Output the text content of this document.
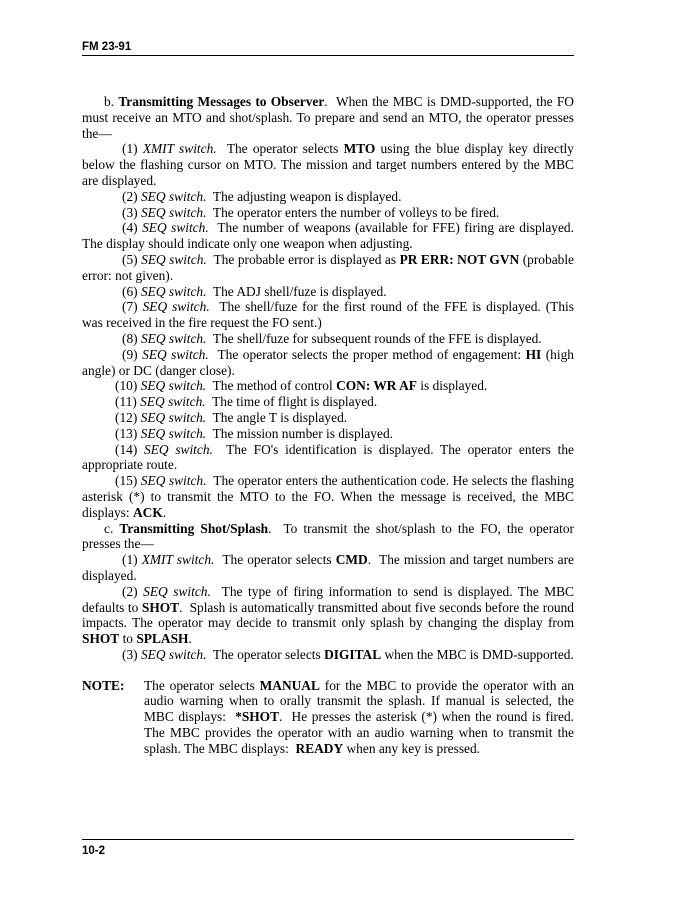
FM 23-91

b. Transmitting Messages to Observer.  When the MBC is DMD-supported, the FO must receive an MTO and shot/splash. To prepare and send an MTO, the operator presses the—

(1) XMIT switch. The operator selects MTO using the blue display key directly below the flashing cursor on MTO. The mission and target numbers entered by the MBC are displayed.

(2) SEQ switch. The adjusting weapon is displayed.

(3) SEQ switch. The operator enters the number of volleys to be fired.

(4) SEQ switch. The number of weapons (available for FFE) firing are displayed. The display should indicate only one weapon when adjusting.

(5) SEQ switch. The probable error is displayed as PR ERR: NOT GVN (probable error: not given).

(6) SEQ switch. The ADJ shell/fuze is displayed.

(7) SEQ switch. The shell/fuze for the first round of the FFE is displayed. (This was received in the fire request the FO sent.)

(8) SEQ switch. The shell/fuze for subsequent rounds of the FFE is displayed.

(9) SEQ switch. The operator selects the proper method of engagement: HI (high angle) or DC (danger close).

(10) SEQ switch. The method of control CON: WR AF is displayed.

(11) SEQ switch. The time of flight is displayed.

(12) SEQ switch. The angle T is displayed.

(13) SEQ switch. The mission number is displayed.

(14) SEQ switch. The FO's identification is displayed. The operator enters the appropriate route.

(15) SEQ switch. The operator enters the authentication code. He selects the flashing asterisk (*) to transmit the MTO to the FO. When the message is received, the MBC displays: ACK.

c. Transmitting Shot/Splash.  To transmit the shot/splash to the FO, the operator presses the—

(1) XMIT switch. The operator selects CMD.  The mission and target numbers are displayed.

(2) SEQ switch. The type of firing information to send is displayed. The MBC defaults to SHOT.  Splash is automatically transmitted about five seconds before the round impacts. The operator may decide to transmit only splash by changing the display from SHOT to SPLASH.

(3) SEQ switch. The operator selects DIGITAL when the MBC is DMD-supported.

NOTE:	The operator selects MANUAL for the MBC to provide the operator with an audio warning when to orally transmit the splash. If manual is selected, the MBC displays: *SHOT.  He presses the asterisk (*) when the round is fired. The MBC provides the operator with an audio warning when to transmit the splash. The MBC displays: READY when any key is pressed.
10-2
